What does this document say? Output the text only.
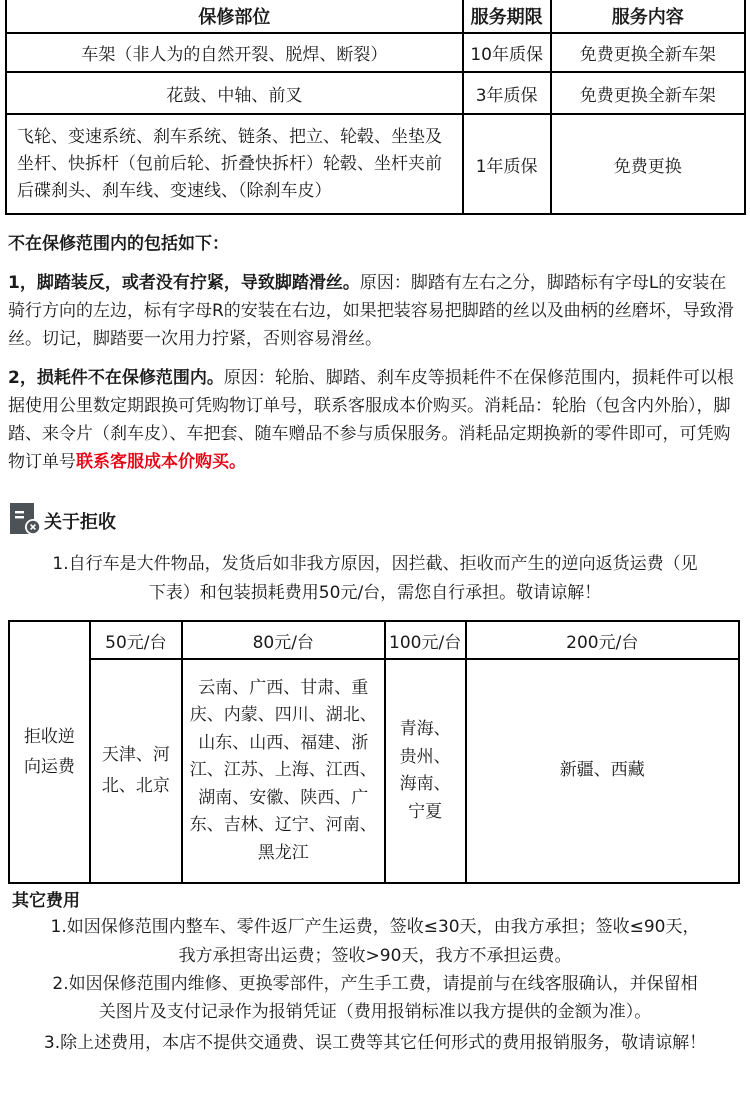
保修部位	服务期限	服务内容
车架（非人为的自然开裂、脱焊、断裂）	10年质保	免费更换全新车架
花鼓、中轴、前叉	3年质保	免费更换全新车架
飞轮、变速系统、刹车系统、链条、把立、轮毂、坐垫及坐杆、快拆杆（包前后轮、折叠快拆杆）轮毂、坐杆夹前后碟刹头、刹车线、变速线、（除刹车皮）	1年质保	免费更换
不在保修范围内的包括如下：
1，脚踏装反，或者没有拧紧，导致脚踏滑丝。原因：脚踏有左右之分，脚踏标有字母L的安装在骑行方向的左边，标有字母R的安装在右边，如果把装容易把脚踏的丝以及曲柄的丝磨坏，导致滑丝。切记，脚踏要一次用力拧紧，否则容易滑丝。
2，损耗件不在保修范围内。原因：轮胎、脚踏、刹车皮等损耗件不在保修范围内，损耗件可以根据使用公里数定期跟换可凭购物订单号，联系客服成本价购买。消耗品：轮胎（包含内外胎），脚踏、来令片（刹车皮）、车把套、随车赠品不参与质保服务。消耗品定期换新的零件即可，可凭购物订单号联系客服成本价购买。
关于拒收
1.自行车是大件物品，发货后如非我方原因，因拦截、拒收而产生的逆向返货运费（见
下表）和包装损耗费用50元/台，需您自行承担。敬请谅解！
拒收逆向运费	50元/台	80元/台	100元/台	200元/台

	天津、河北、北京	云南、广西、甘肃、重庆、内蒙、四川、湖北、山东、山西、福建、浙江、江苏、上海、江西、湖南、安徽、陕西、广东、吉林、辽宁、河南、黑龙江	青海、贵州、海南、宁夏	新疆、西藏
其它费用
1.如因保修范围内整车、零件返厂产生运费，签收≤30天，由我方承担；签收≤90天，
我方承担寄出运费；签收>90天，我方不承担运费。
2.如因保修范围内维修、更换零部件，产生手工费，请提前与在线客服确认，并保留相
关图片及支付记录作为报销凭证（费用报销标准以我方提供的金额为准）。
3.除上述费用，本店不提供交通费、误工费等其它任何形式的费用报销服务，敬请谅解！
